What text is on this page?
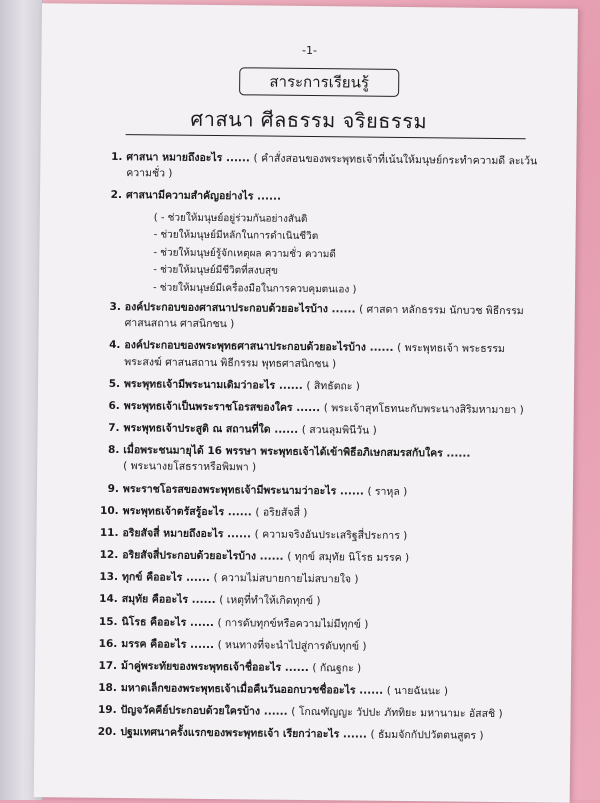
-1-
สาระการเรียนรู้
ศาสนา ศีลธรรม จริยธรรม
1. ศาสนา หมายถึงอะไร ...... ( คำสั่งสอนของพระพุทธเจ้าที่เน้นให้มนุษย์กระทำความดี ละเว้น
ความชั่ว )
2. ศาสนามีความสำคัญอย่างไร ......
( - ช่วยให้มนุษย์อยู่ร่วมกันอย่างสันติ
- ช่วยให้มนุษย์มีหลักในการดำเนินชีวิต
- ช่วยให้มนุษย์รู้จักเหตุผล ความชั่ว ความดี
- ช่วยให้มนุษย์มีชีวิตที่สงบสุข
- ช่วยให้มนุษย์มีเครื่องมือในการควบคุมตนเอง )
3. องค์ประกอบของศาสนาประกอบด้วยอะไรบ้าง ...... ( ศาสดา หลักธรรม นักบวช พิธีกรรม
ศาสนสถาน ศาสนิกชน )
4. องค์ประกอบของพระพุทธศาสนาประกอบด้วยอะไรบ้าง ...... ( พระพุทธเจ้า พระธรรม
พระสงฆ์ ศาสนสถาน พิธีกรรม พุทธศาสนิกชน )
5. พระพุทธเจ้ามีพระนามเดิมว่าอะไร ...... ( สิทธัตถะ )
6. พระพุทธเจ้าเป็นพระราชโอรสของใคร ...... ( พระเจ้าสุทโธทนะกับพระนางสิริมหามายา )
7. พระพุทธเจ้าประสูติ ณ สถานที่ใด ...... ( สวนลุมพินีวัน )
8. เมื่อพระชนมายุได้ 16 พรรษา พระพุทธเจ้าได้เข้าพิธีอภิเษกสมรสกับใคร ......
( พระนางยโสธราหรือพิมพา )
9. พระราชโอรสของพระพุทธเจ้ามีพระนามว่าอะไร ...... ( ราหุล )
10. พระพุทธเจ้าตรัสรู้อะไร ...... ( อริยสัจสี่ )
11. อริยสัจสี่ หมายถึงอะไร ...... ( ความจริงอันประเสริฐสี่ประการ )
12. อริยสัจสี่ประกอบด้วยอะไรบ้าง ...... ( ทุกข์ สมุทัย นิโรธ มรรค )
13. ทุกข์ คืออะไร ...... ( ความไม่สบายกายไม่สบายใจ )
14. สมุทัย คืออะไร ...... ( เหตุที่ทำให้เกิดทุกข์ )
15. นิโรธ คืออะไร ...... ( การดับทุกข์หรือความไม่มีทุกข์ )
16. มรรค คืออะไร ...... ( หนทางที่จะนำไปสู่การดับทุกข์ )
17. ม้าคู่พระทัยของพระพุทธเจ้าชื่ออะไร ...... ( กัณฐกะ )
18. มหาดเล็กของพระพุทธเจ้าเมื่อคืนวันออกบวชชื่ออะไร ...... ( นายฉันนะ )
19. ปัญจวัคคีย์ประกอบด้วยใครบ้าง ...... ( โกณฑัญญะ วัปปะ ภัททิยะ มหานามะ อัสสชิ )
20. ปฐมเทศนาครั้งแรกของพระพุทธเจ้า เรียกว่าอะไร ...... ( ธัมมจักกัปปวัตตนสูตร )
